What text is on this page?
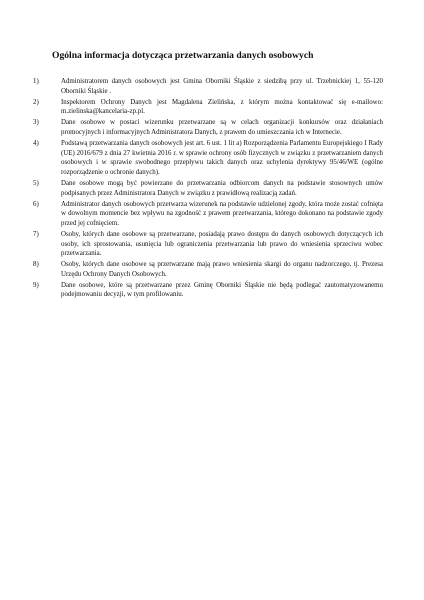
Ogólna informacja dotycząca przetwarzania danych osobowych
1)	Administratorem danych osobowych jest Gmina Oborniki Śląskie z siedzibą przy ul. Trzebnickiej 1, 55-120 Oborniki Śląskie .
2)	Inspektorem Ochrony Danych jest Magdalena Zielińska, z którym można kontaktować się e-mailowo: m.zielinska@kancelaria-zp.pl.
3)	Dane osobowe w postaci wizerunku przetwarzane są w celach organizacji konkursów oraz działaniach promocyjnych i informacyjnych Administratora Danych, z prawem do umieszczania ich w Internecie.
4)	Podstawą przetwarzania danych osobowych jest art. 6 ust. 1 lit a) Rozporządzenia Parlamentu Europejskiego I Rady (UE) 2016/679 z dnia 27 kwietnia 2016 r. w sprawie ochrony osób fizycznych w związku z przetwarzaniem danych osobowych i w sprawie swobodnego przepływu takich danych oraz uchylenia dyrektywy 95/46/WE (ogólne rozporządzenie o ochronie danych).
5)	Dane osobowe mogą być powierzane do przetwarzania odbiorcom danych na podstawie stosownych umów podpisanych przez Administratora Danych w związku z prawidłową realizacją zadań.
6)	Administrator danych osobowych przetwarza wizerunek na podstawie udzielonej zgody, która może zostać cofnięta w dowolnym momencie bez wpływu na zgodność z prawem przetwarzania, którego dokonano na podstawie zgody przed jej cofnięciem.
7)	Osoby, których dane osobowe są przetwarzane, posiadają prawo dostępu do danych osobowych dotyczących ich osoby, ich sprostowania, usunięcia lub ograniczenia przetwarzania lub prawo do wniesienia sprzeciwu wobec przetwarzania.
8)	Osoby, których dane osobowe są przetwarzane mają prawo wniesienia skargi do organu nadzorczego, tj. Prezesa Urzędu Ochrony Danych Osobowych.
9)	Dane osobowe, które są przetwarzane przez Gminę Oborniki Śląskie nie będą podlegać zautomatyzowanemu podejmowaniu decyzji, w tym profilowaniu.
